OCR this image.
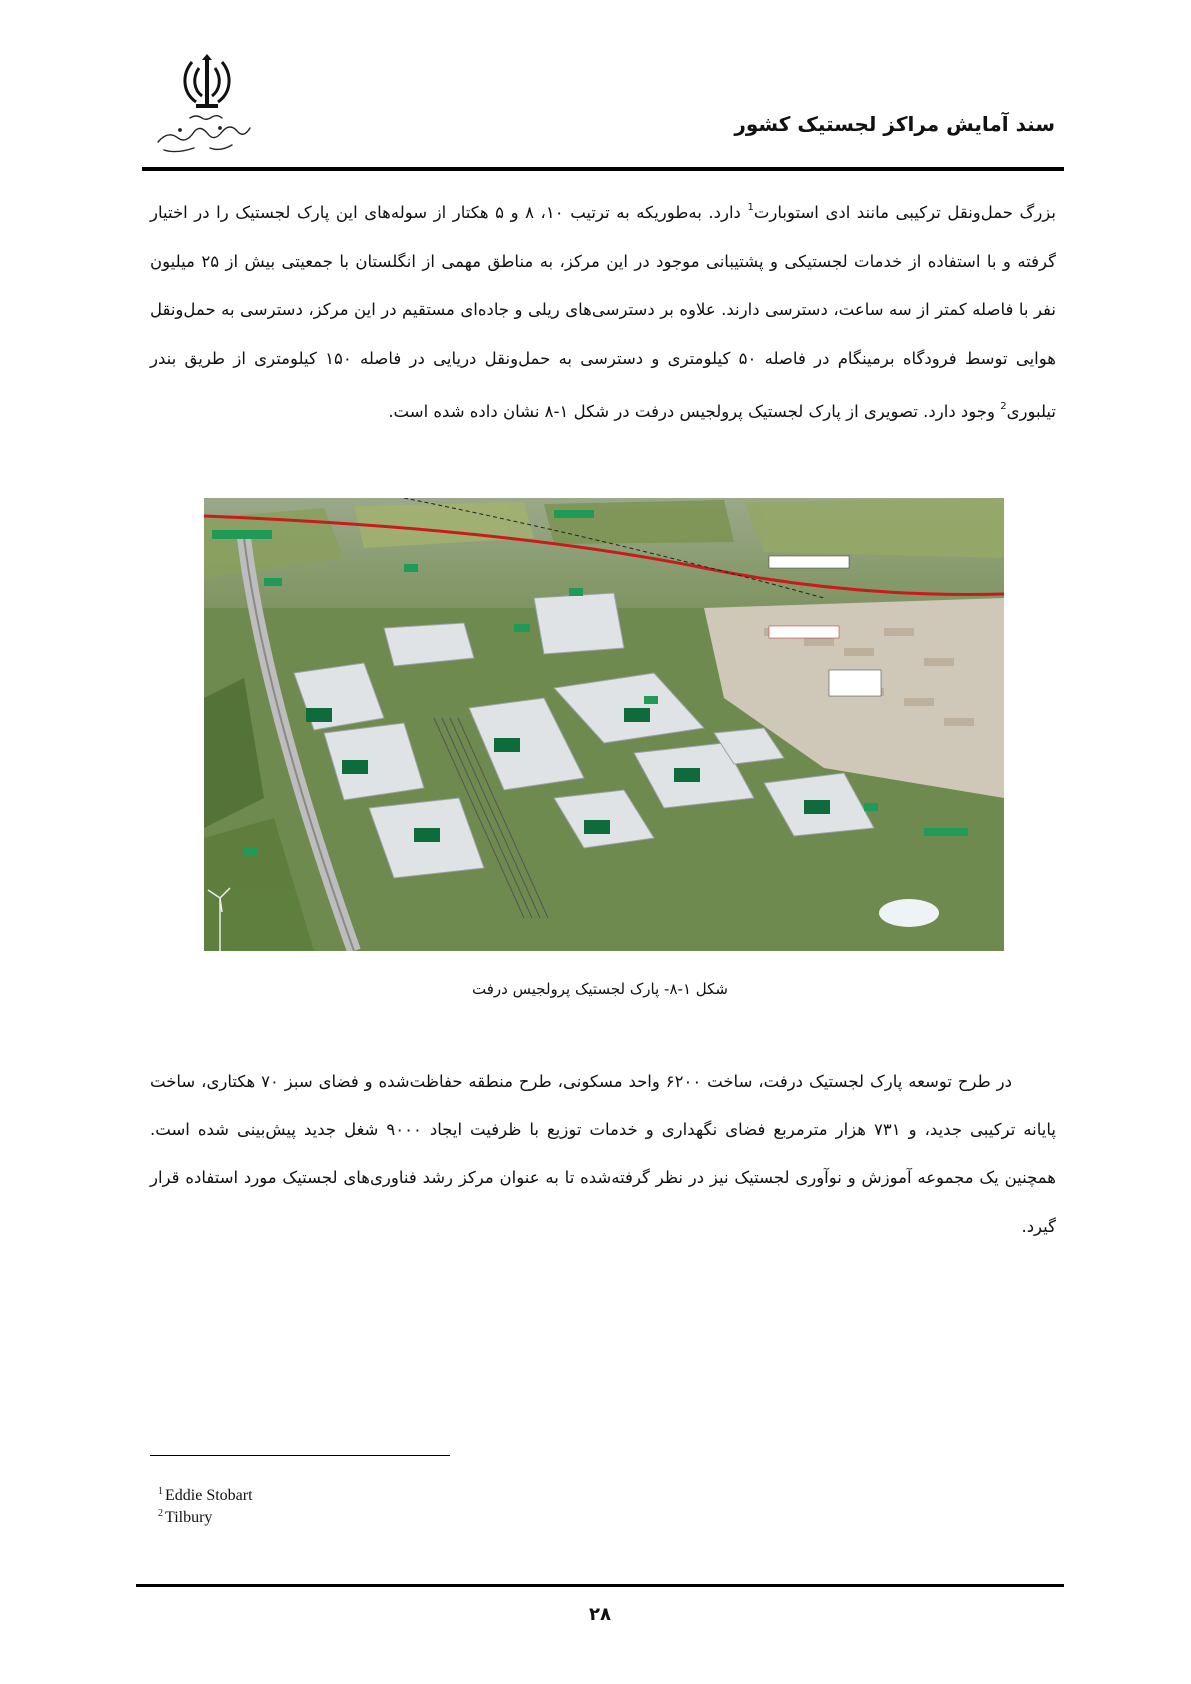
سند آمایش مراکز لجستیک کشور
بزرگ حمل‌ونقل ترکیبی مانند ادی استوبارت$^1$ دارد. به‌طوریکه به ترتیب ۱۰، ۸ و ۵ هکتار از سوله‌های این پارک لجستیک را در اختیار گرفته و با استفاده از خدمات لجستیکی و پشتیبانی موجود در این مرکز، به مناطق مهمی از انگلستان با جمعیتی بیش از ۲۵ میلیون نفر با فاصله کمتر از سه ساعت، دسترسی دارند. علاوه بر دسترسی‌های ریلی و جاده‌ای مستقیم در این مرکز، دسترسی به حمل‌ونقل هوایی توسط فرودگاه برمینگام در فاصله ۵۰ کیلومتری و دسترسی به حمل‌ونقل دریایی در فاصله ۱۵۰ کیلومتری از طریق بندر تیلبوری$^2$ وجود دارد. تصویری از پارک لجستیک پرولجیس درفت در شکل ۱-۸ نشان داده شده است.
شکل ۱-۸- پارک لجستیک پرولجیس درفت
در طرح توسعه پارک لجستیک درفت، ساخت ۶۲۰۰ واحد مسکونی، طرح منطقه حفاظت‌شده و فضای سبز ۷۰ هکتاری، ساخت پایانه ترکیبی جدید، و ۷۳۱ هزار مترمربع فضای نگهداری و خدمات توزیع با ظرفیت ایجاد ۹۰۰۰ شغل جدید پیش‌بینی شده است. همچنین یک مجموعه آموزش و نوآوری لجستیک نیز در نظر گرفته‌شده تا به عنوان مرکز رشد فناوری‌های لجستیک مورد استفاده قرار گیرد.
$^1$ Eddie Stobart
$^2$ Tilbury
۲۸
